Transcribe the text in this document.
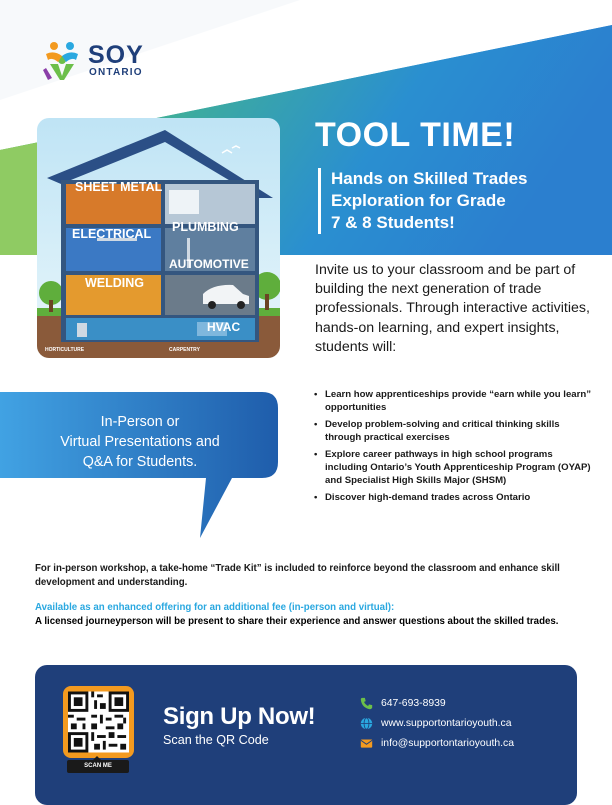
SOY
ONTARIO
SHEET METAL
ELECTRICAL PLUMBING
AUTOMOTIVE
WELDING
HVAC
HORTICULTURE	CARPENTRY
TOOL TIME!
Hands on Skilled Trades
Exploration for Grade
7 & 8 Students!
Invite us to your classroom and be part of building the next generation of trade professionals. Through interactive activities, hands-on learning, and expert insights, students will:
In-Person or
Virtual Presentations and
Q&A for Students.
• Learn how apprenticeships provide “earn while you learn” opportunities
• Develop problem-solving and critical thinking skills through practical exercises
• Explore career pathways in high school programs including Ontario’s Youth Apprenticeship Program (OYAP) and Specialist High Skills Major (SHSM)
• Discover high-demand trades across Ontario
For in-person workshop, a take-home “Trade Kit” is included to reinforce beyond the classroom and enhance skill development and understanding.
Available as an enhanced offering for an additional fee (in-person and virtual):
A licensed journeyperson will be present to share their experience and answer questions about the skilled trades.
SCAN ME
Sign Up Now!
Scan the QR Code
647-693-8939
www.supportontarioyouth.ca
info@supportontarioyouth.ca
